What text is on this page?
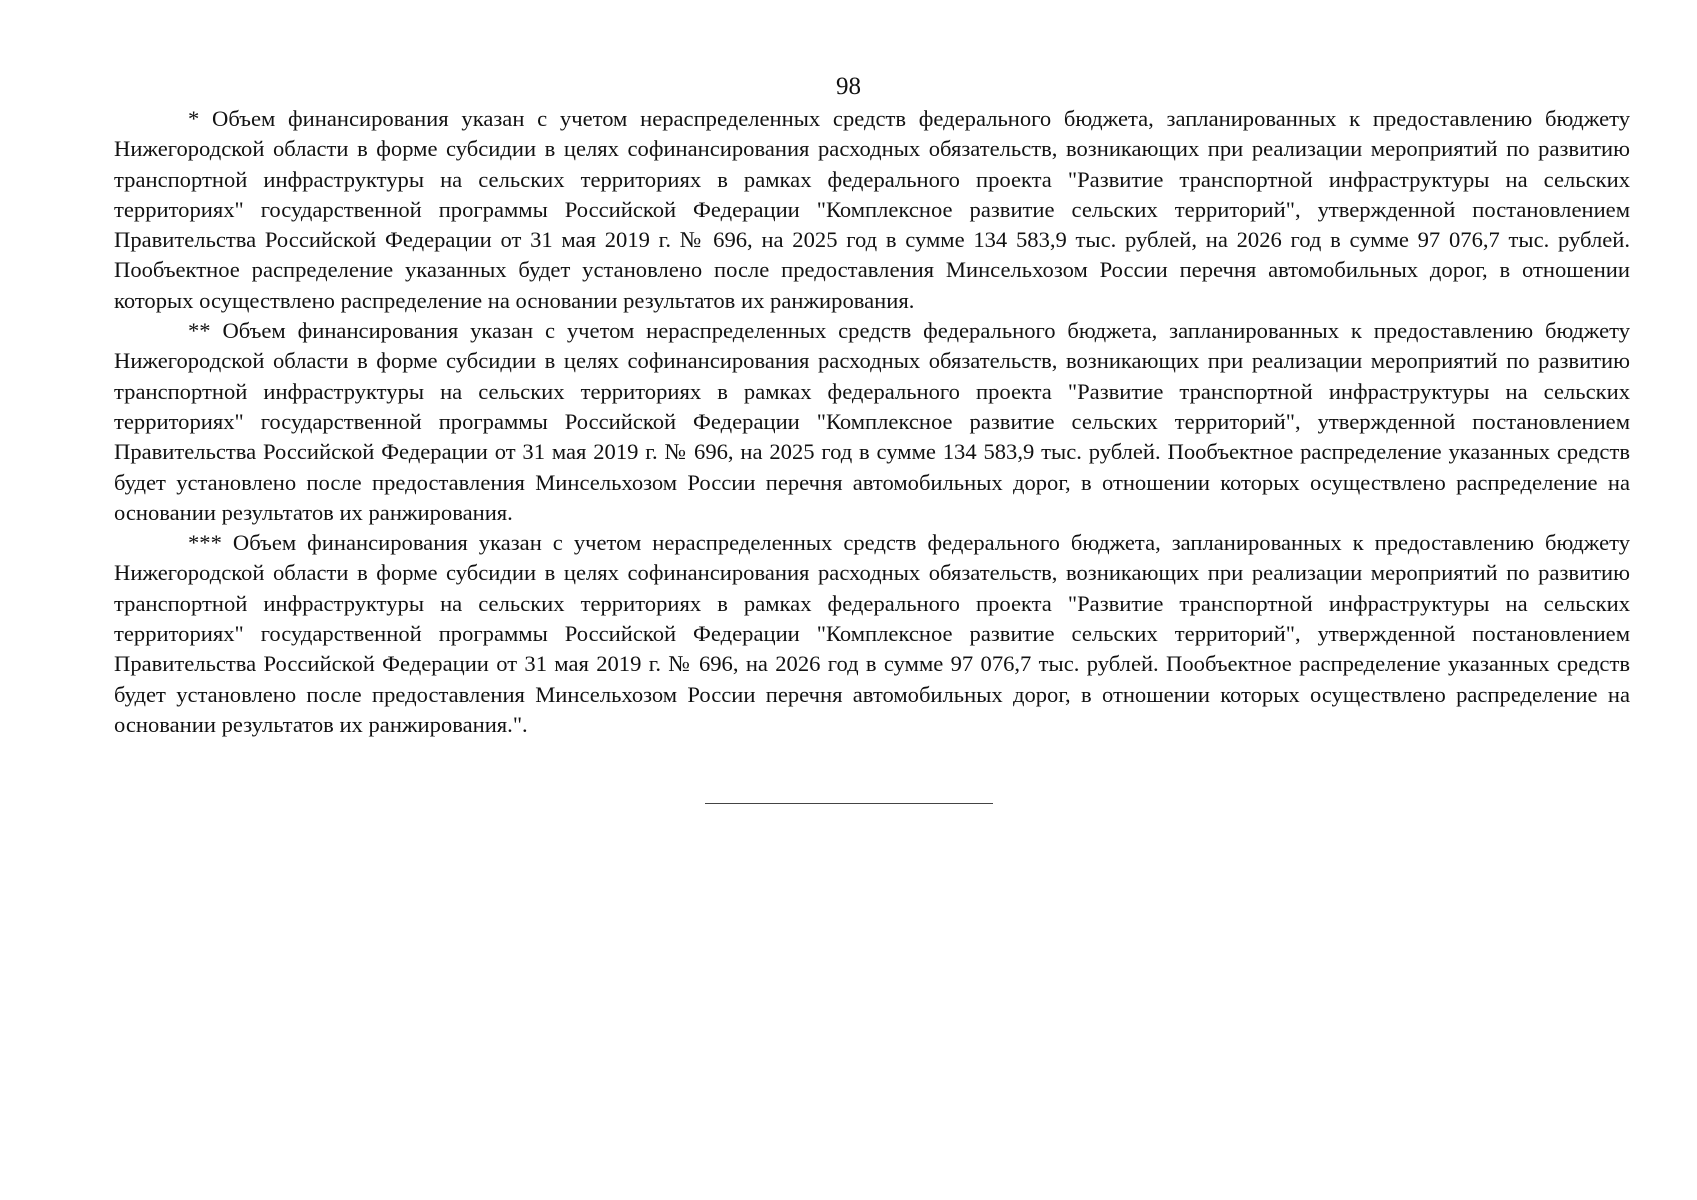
98

* Объем финансирования указан с учетом нераспределенных средств федерального бюджета, запланированных к предоставлению бюджету Нижегородской области в форме субсидии в целях софинансирования расходных обязательств, возникающих при реализации мероприятий по развитию транспортной инфраструктуры на сельских территориях в рамках федерального проекта "Развитие транспортной инфраструктуры на сельских территориях" государственной программы Российской Федерации "Комплексное развитие сельских территорий", утвержденной постановлением Правительства Российской Федерации от 31 мая 2019 г. № 696, на 2025 год в сумме 134 583,9 тыс. рублей, на 2026 год в сумме 97 076,7 тыс. рублей. Пообъектное распределение указанных будет установлено после предоставления Минсельхозом России перечня автомобильных дорог, в отношении которых осуществлено распределение на основании результатов их ранжирования.

** Объем финансирования указан с учетом нераспределенных средств федерального бюджета, запланированных к предоставлению бюджету Нижегородской области в форме субсидии в целях софинансирования расходных обязательств, возникающих при реализации мероприятий по развитию транспортной инфраструктуры на сельских территориях в рамках федерального проекта "Развитие транспортной инфраструктуры на сельских территориях" государственной программы Российской Федерации "Комплексное развитие сельских территорий", утвержденной постановлением Правительства Российской Федерации от 31 мая 2019 г. № 696, на 2025 год в сумме 134 583,9 тыс. рублей. Пообъектное распределение указанных средств будет установлено после предоставления Минсельхозом России перечня автомобильных дорог, в отношении которых осуществлено распределение на основании результатов их ранжирования.

*** Объем финансирования указан с учетом нераспределенных средств федерального бюджета, запланированных к предоставлению бюджету Нижегородской области в форме субсидии в целях софинансирования расходных обязательств, возникающих при реализации мероприятий по развитию транспортной инфраструктуры на сельских территориях в рамках федерального проекта "Развитие транспортной инфраструктуры на сельских территориях" государственной программы Российской Федерации "Комплексное развитие сельских территорий", утвержденной постановлением Правительства Российской Федерации от 31 мая 2019 г. № 696, на 2026 год в сумме 97 076,7 тыс. рублей. Пообъектное распределение указанных средств будет установлено после предоставления Минсельхозом России перечня автомобильных дорог, в отношении которых осуществлено распределение на основании результатов их ранжирования.".
